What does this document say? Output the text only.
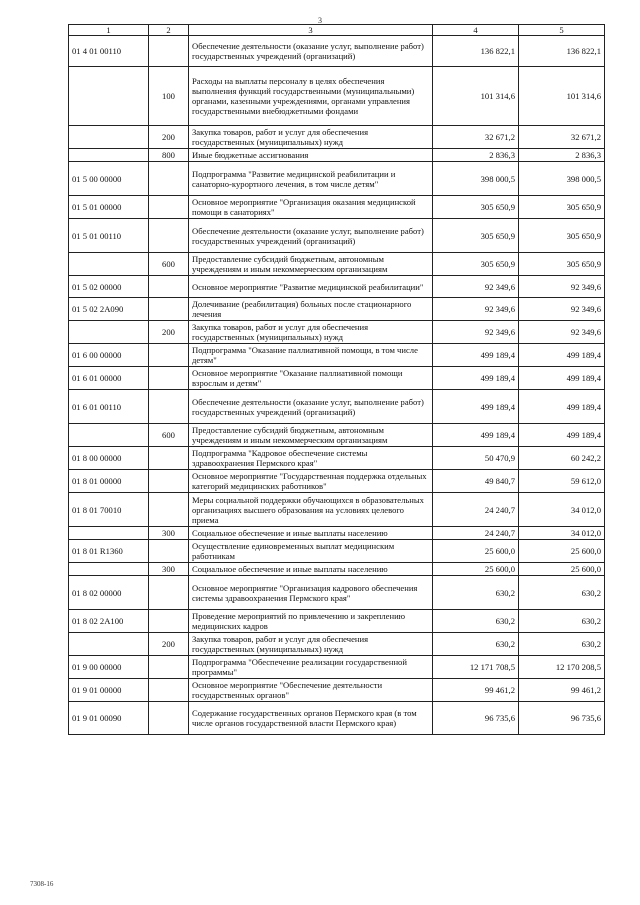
3
1	2	3	4	5
01 4 01 00110		Обеспечение деятельности (оказание услуг, выполнение работ) государственных учреждений (организаций)	136 822,1	136 822,1
	100	Расходы на выплаты персоналу в целях обеспечения выполнения функций государственными (муниципальными) органами, казенными учреждениями, органами управления государственными внебюджетными фондами	101 314,6	101 314,6
	200	Закупка товаров, работ и услуг для обеспечения государственных (муниципальных) нужд	32 671,2	32 671,2
	800	Иные бюджетные ассигнования	2 836,3	2 836,3
01 5 00 00000		Подпрограмма "Развитие медицинской реабилитации и санаторно-курортного лечения, в том числе детям"	398 000,5	398 000,5
01 5 01 00000		Основное мероприятие "Организация оказания медицинской помощи в санаториях"	305 650,9	305 650,9
01 5 01 00110		Обеспечение деятельности (оказание услуг, выполнение работ) государственных учреждений (организаций)	305 650,9	305 650,9
	600	Предоставление субсидий бюджетным, автономным учреждениям и иным некоммерческим организациям	305 650,9	305 650,9
01 5 02 00000		Основное мероприятие "Развитие медицинской реабилитации"	92 349,6	92 349,6
01 5 02 2А090		Долечивание (реабилитация) больных после стационарного лечения	92 349,6	92 349,6
	200	Закупка товаров, работ и услуг для обеспечения государственных (муниципальных) нужд	92 349,6	92 349,6
01 6 00 00000		Подпрограмма "Оказание паллиативной помощи, в том числе детям"	499 189,4	499 189,4
01 6 01 00000		Основное мероприятие "Оказание паллиативной помощи взрослым и детям"	499 189,4	499 189,4
01 6 01 00110		Обеспечение деятельности (оказание услуг, выполнение работ) государственных учреждений (организаций)	499 189,4	499 189,4
	600	Предоставление субсидий бюджетным, автономным учреждениям и иным некоммерческим организациям	499 189,4	499 189,4
01 8 00 00000		Подпрограмма "Кадровое обеспечение системы здравоохранения Пермского края"	50 470,9	60 242,2
01 8 01 00000		Основное мероприятие "Государственная поддержка отдельных категорий медицинских работников"	49 840,7	59 612,0
01 8 01 70010		Меры социальной поддержки обучающихся в образовательных организациях высшего образования на условиях целевого приема	24 240,7	34 012,0
	300	Социальное обеспечение и иные выплаты населению	24 240,7	34 012,0
01 8 01 R1360		Осуществление единовременных выплат медицинским работникам	25 600,0	25 600,0
	300	Социальное обеспечение и иные выплаты населению	25 600,0	25 600,0
01 8 02 00000		Основное мероприятие "Организация кадрового обеспечения системы здравоохранения Пермского края"	630,2	630,2
01 8 02 2А100		Проведение мероприятий по привлечению и закреплению медицинских кадров	630,2	630,2
	200	Закупка товаров, работ и услуг для обеспечения государственных (муниципальных) нужд	630,2	630,2
01 9 00 00000		Подпрограмма "Обеспечение реализации государственной программы"	12 171 708,5	12 170 208,5
01 9 01 00000		Основное мероприятие "Обеспечение деятельности государственных органов"	99 461,2	99 461,2
01 9 01 00090		Содержание государственных органов Пермского края (в том числе органов государственной власти Пермского края)	96 735,6	96 735,6
7308-16
